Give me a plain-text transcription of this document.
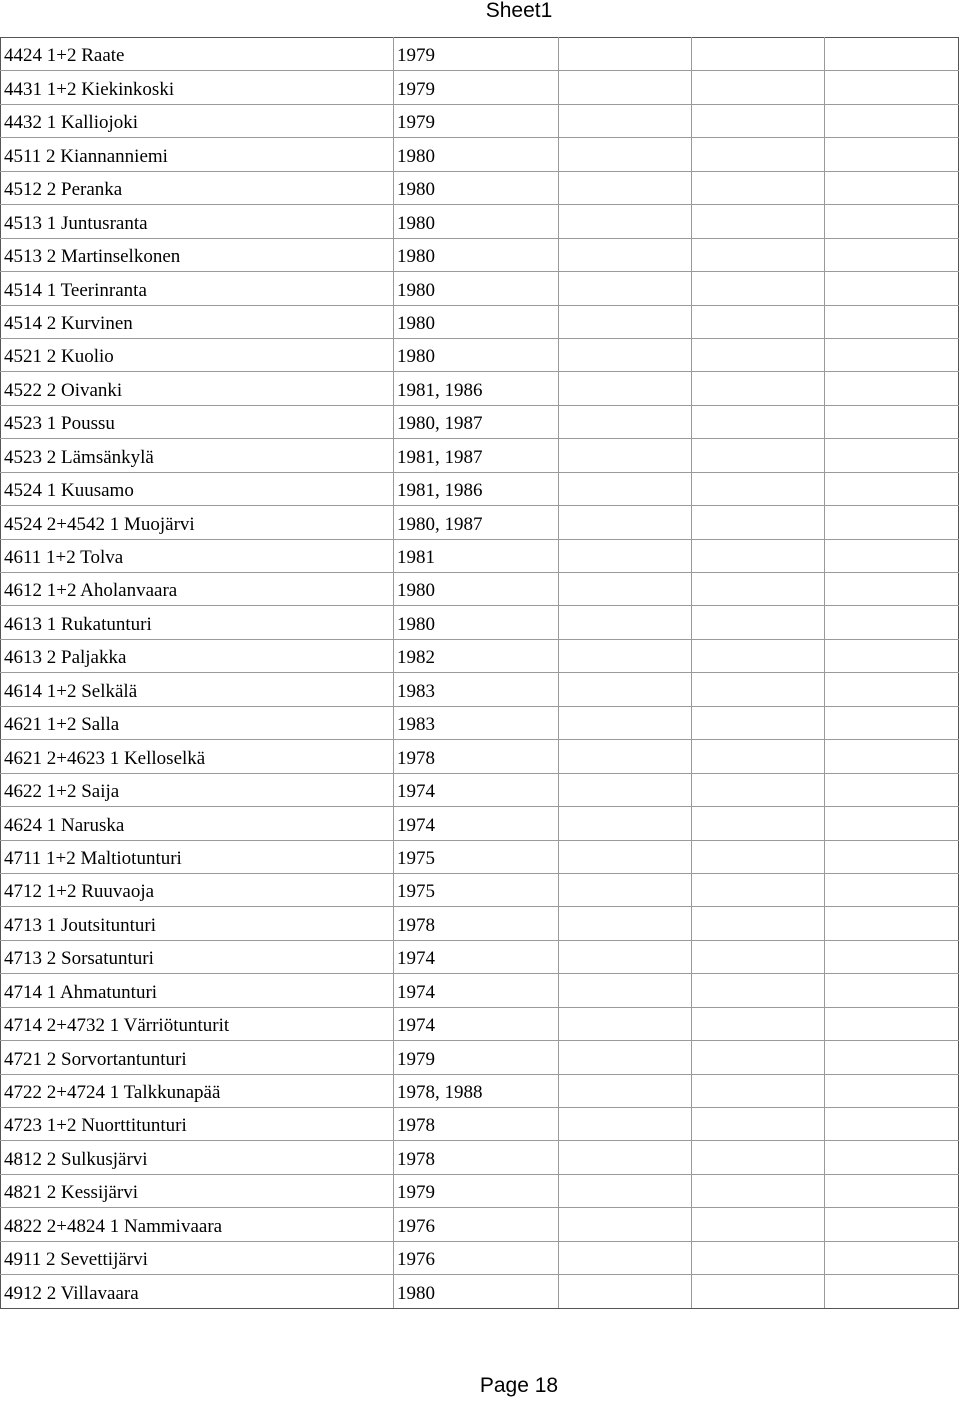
Sheet1
4424 1+2 Raate	1979			
4431 1+2 Kiekinkoski	1979			
4432 1 Kalliojoki	1979			
4511 2 Kiannanniemi	1980			
4512 2 Peranka	1980			
4513 1 Juntusranta	1980			
4513 2 Martinselkonen	1980			
4514 1 Teerinranta	1980			
4514 2 Kurvinen	1980			
4521 2 Kuolio	1980			
4522 2 Oivanki	1981, 1986			
4523 1 Poussu	1980, 1987			
4523 2 Lämsänkylä	1981, 1987			
4524 1 Kuusamo	1981, 1986			
4524 2+4542 1 Muojärvi	1980, 1987			
4611 1+2 Tolva	1981			
4612 1+2 Aholanvaara	1980			
4613 1 Rukatunturi	1980			
4613 2 Paljakka	1982			
4614 1+2 Selkälä	1983			
4621 1+2 Salla	1983			
4621 2+4623 1 Kelloselkä	1978			
4622 1+2 Saija	1974			
4624 1 Naruska	1974			
4711 1+2 Maltiotunturi	1975			
4712 1+2 Ruuvaoja	1975			
4713 1 Joutsitunturi	1978			
4713 2 Sorsatunturi	1974			
4714 1 Ahmatunturi	1974			
4714 2+4732 1 Värriötunturit	1974			
4721 2 Sorvortantunturi	1979			
4722 2+4724 1 Talkkunapää	1978, 1988			
4723 1+2 Nuorttitunturi	1978			
4812 2 Sulkusjärvi	1978			
4821 2 Kessijärvi	1979			
4822 2+4824 1 Nammivaara	1976			
4911 2 Sevettijärvi	1976			
4912 2 Villavaara	1980			
Page 18
